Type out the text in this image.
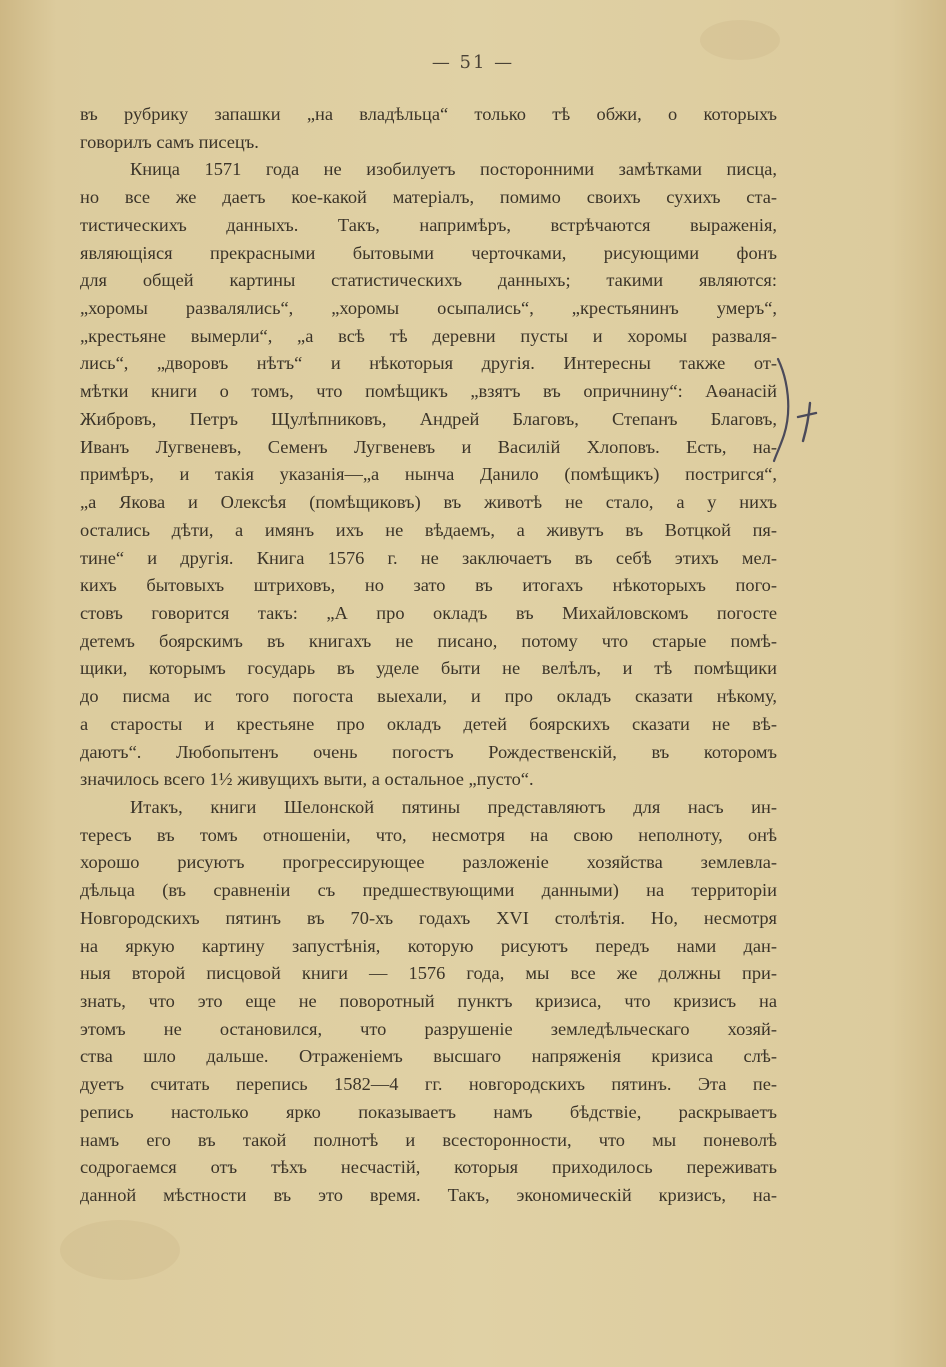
— 51 —
въ рубрику запашки „на владѣльца“ только тѣ обжи, о которыхъ
говорилъ самъ писецъ.
Кница 1571 года не изобилуетъ посторонними замѣтками писца,
но все же даетъ кое-какой матеріалъ, помимо своихъ сухихъ ста-
тистическихъ данныхъ. Такъ, напримѣръ, встрѣчаются выраженія,
являющіяся прекрасными бытовыми черточками, рисующими фонъ
для общей картины статистическихъ данныхъ; такими являются:
„хоромы развалялись“, „хоромы осыпались“, „крестьянинъ умеръ“,
„крестьяне вымерли“, „а всѣ тѣ деревни пусты и хоромы разваля-
лись“, „дворовъ нѣтъ“ и нѣкоторыя другія. Интересны также от-
мѣтки книги о томъ, что помѣщикъ „взятъ въ опричнину“: Аѳанасій
Жибровъ, Петръ Щулѣпниковъ, Андрей Благовъ, Степанъ Благовъ,
Иванъ Лугвеневъ, Семенъ Лугвеневъ и Василій Хлоповъ. Есть, на-
примѣръ, и такія указанія—„а нынча Данило (помѣщикъ) постригся“,
„а Якова и Олексѣя (помѣщиковъ) въ животѣ не стало, а у нихъ
остались дѣти, а имянъ ихъ не вѣдаемъ, а живутъ въ Вотцкой пя-
тине“ и другія. Книга 1576 г. не заключаетъ въ себѣ этихъ мел-
кихъ бытовыхъ штриховъ, но зато въ итогахъ нѣкоторыхъ пого-
стовъ говорится такъ: „А про окладъ въ Михайловскомъ погосте
детемъ боярскимъ въ книгахъ не писано, потому что старые помѣ-
щики, которымъ государь въ уделе быти не велѣлъ, и тѣ помѣщики
до писма ис того погоста выехали, и про окладъ сказати нѣкому,
а старосты и крестьяне про окладъ детей боярскихъ сказати не вѣ-
даютъ“. Любопытенъ очень погостъ Рождественскій, въ которомъ
значилось всего 1½ живущихъ выти, а остальное „пусто“.
Итакъ, книги Шелонской пятины представляютъ для насъ ин-
тересъ въ томъ отношеніи, что, несмотря на свою неполноту, онѣ
хорошо рисуютъ прогрессирующее разложеніе хозяйства землевла-
дѣльца (въ сравненіи съ предшествующими данными) на территоріи
Новгородскихъ пятинъ въ 70-хъ годахъ XVI столѣтія. Но, несмотря
на яркую картину запустѣнія, которую рисуютъ передъ нами дан-
ныя второй писцовой книги — 1576 года, мы все же должны при-
знать, что это еще не поворотный пунктъ кризиса, что кризисъ на
этомъ не остановился, что разрушеніе земледѣльческаго хозяй-
ства шло дальше. Отраженіемъ высшаго напряженія кризиса слѣ-
дуетъ считать перепись 1582—4 гг. новгородскихъ пятинъ. Эта пе-
репись настолько ярко показываетъ намъ бѣдствіе, раскрываетъ
намъ его въ такой полнотѣ и всесторонности, что мы поневолѣ
содрогаемся отъ тѣхъ несчастій, которыя приходилось переживать
данной мѣстности въ это время. Такъ, экономическій кризисъ, на-
